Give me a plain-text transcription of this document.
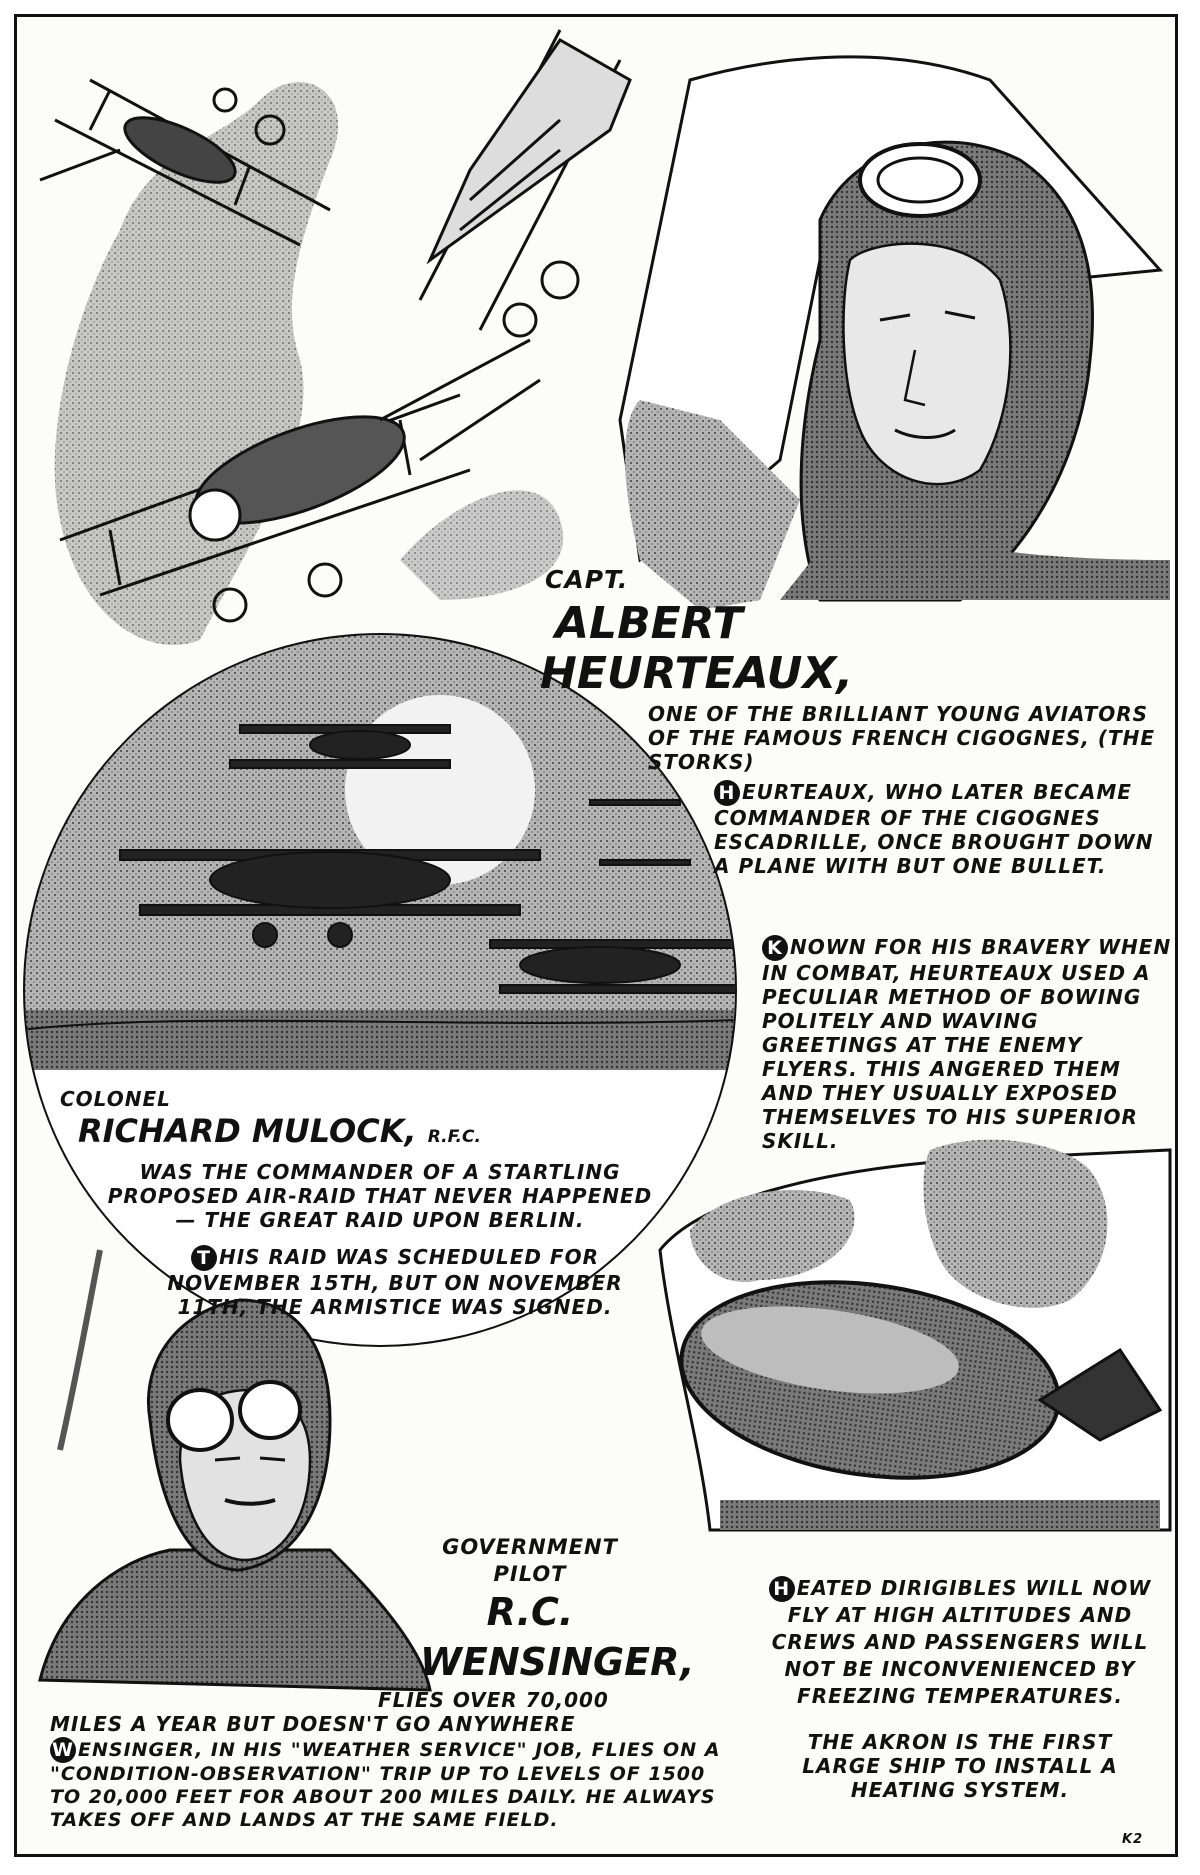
CAPT.

ALBERT

HEURTEAUX,

ONE OF THE BRILLIANT YOUNG AVIATORS OF THE FAMOUS FRENCH CIGOGNES, (THE STORKS)

H EURTEAUX, WHO LATER BECAME COMMANDER OF THE CIGOGNES ESCADRILLE, ONCE BROUGHT DOWN A PLANE WITH BUT ONE BULLET.

K NOWN FOR HIS BRAVERY WHEN IN COMBAT, HEURTEAUX USED A PECULIAR METHOD OF BOWING POLITELY AND WAVING GREETINGS AT THE ENEMY FLYERS. THIS ANGERED THEM AND THEY USUALLY EXPOSED THEMSELVES TO HIS SUPERIOR SKILL.

COLONEL

RICHARD MULOCK, R.F.C.

WAS THE COMMANDER OF A STARTLING PROPOSED AIR-RAID THAT NEVER HAPPENED — THE GREAT RAID UPON BERLIN.

T HIS RAID WAS SCHEDULED FOR NOVEMBER 15TH, BUT ON NOVEMBER 11TH, THE ARMISTICE WAS SIGNED.

GOVERNMENT

PILOT

R.C.

WENSINGER,

FLIES OVER 70,000

MILES A YEAR BUT DOESN'T GO ANYWHERE

W ENSINGER, IN HIS "WEATHER SERVICE" JOB, FLIES ON A "CONDITION-OBSERVATION" TRIP UP TO LEVELS OF 1500 TO 20,000 FEET FOR ABOUT 200 MILES DAILY. HE ALWAYS TAKES OFF AND LANDS AT THE SAME FIELD.

H EATED DIRIGIBLES WILL NOW FLY AT HIGH ALTITUDES AND CREWS AND PASSENGERS WILL NOT BE INCONVENIENCED BY FREEZING TEMPERATURES.

THE AKRON IS THE FIRST LARGE SHIP TO INSTALL A HEATING SYSTEM.

K2
